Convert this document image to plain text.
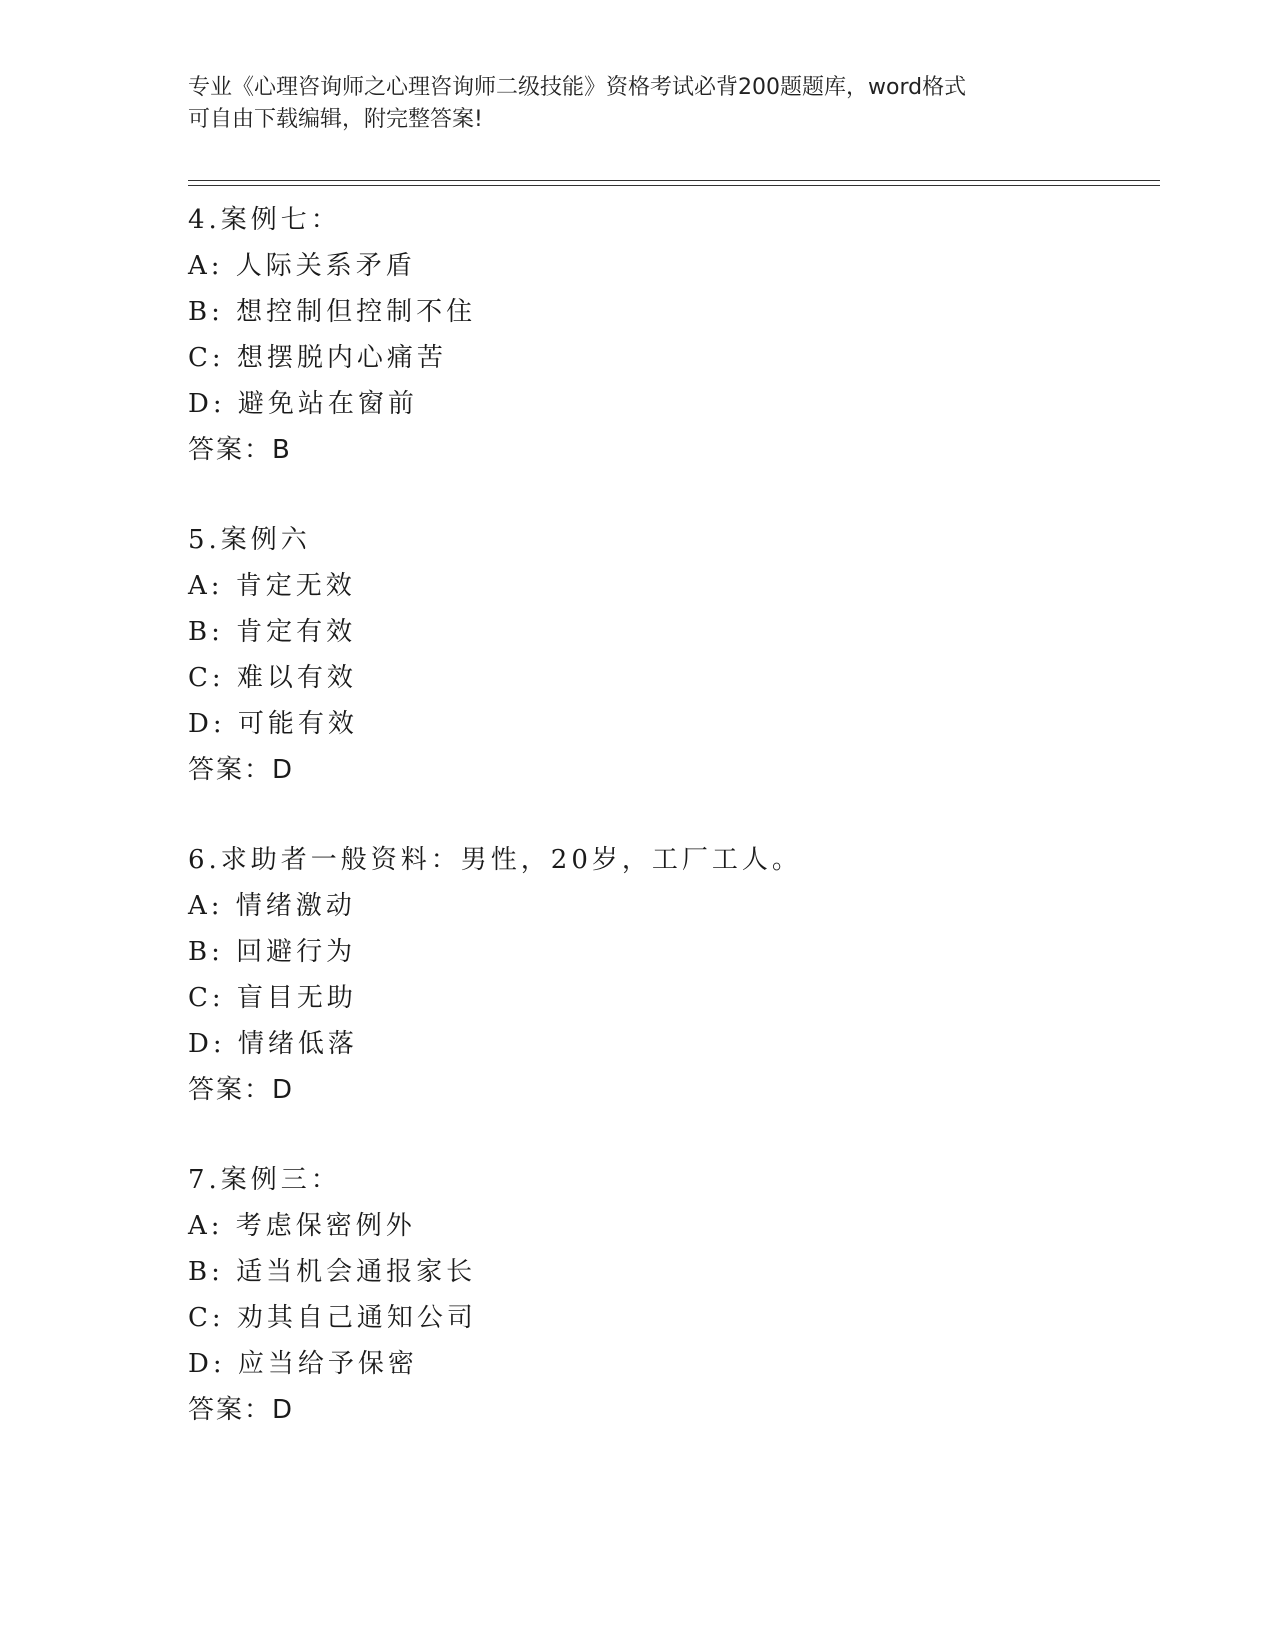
专业《心理咨询师之心理咨询师二级技能》资格考试必背200题题库，word格式
可自由下载编辑，附完整答案!
4.案例七：
A: 人际关系矛盾
B: 想控制但控制不住
C: 想摆脱内心痛苦
D: 避免站在窗前
答案：B
5.案例六
A: 肯定无效
B: 肯定有效
C: 难以有效
D: 可能有效
答案：D
6.求助者一般资料：男性，20岁，工厂工人。
A: 情绪激动
B: 回避行为
C: 盲目无助
D: 情绪低落
答案：D
7.案例三：
A: 考虑保密例外
B: 适当机会通报家长
C: 劝其自己通知公司
D: 应当给予保密
答案：D
